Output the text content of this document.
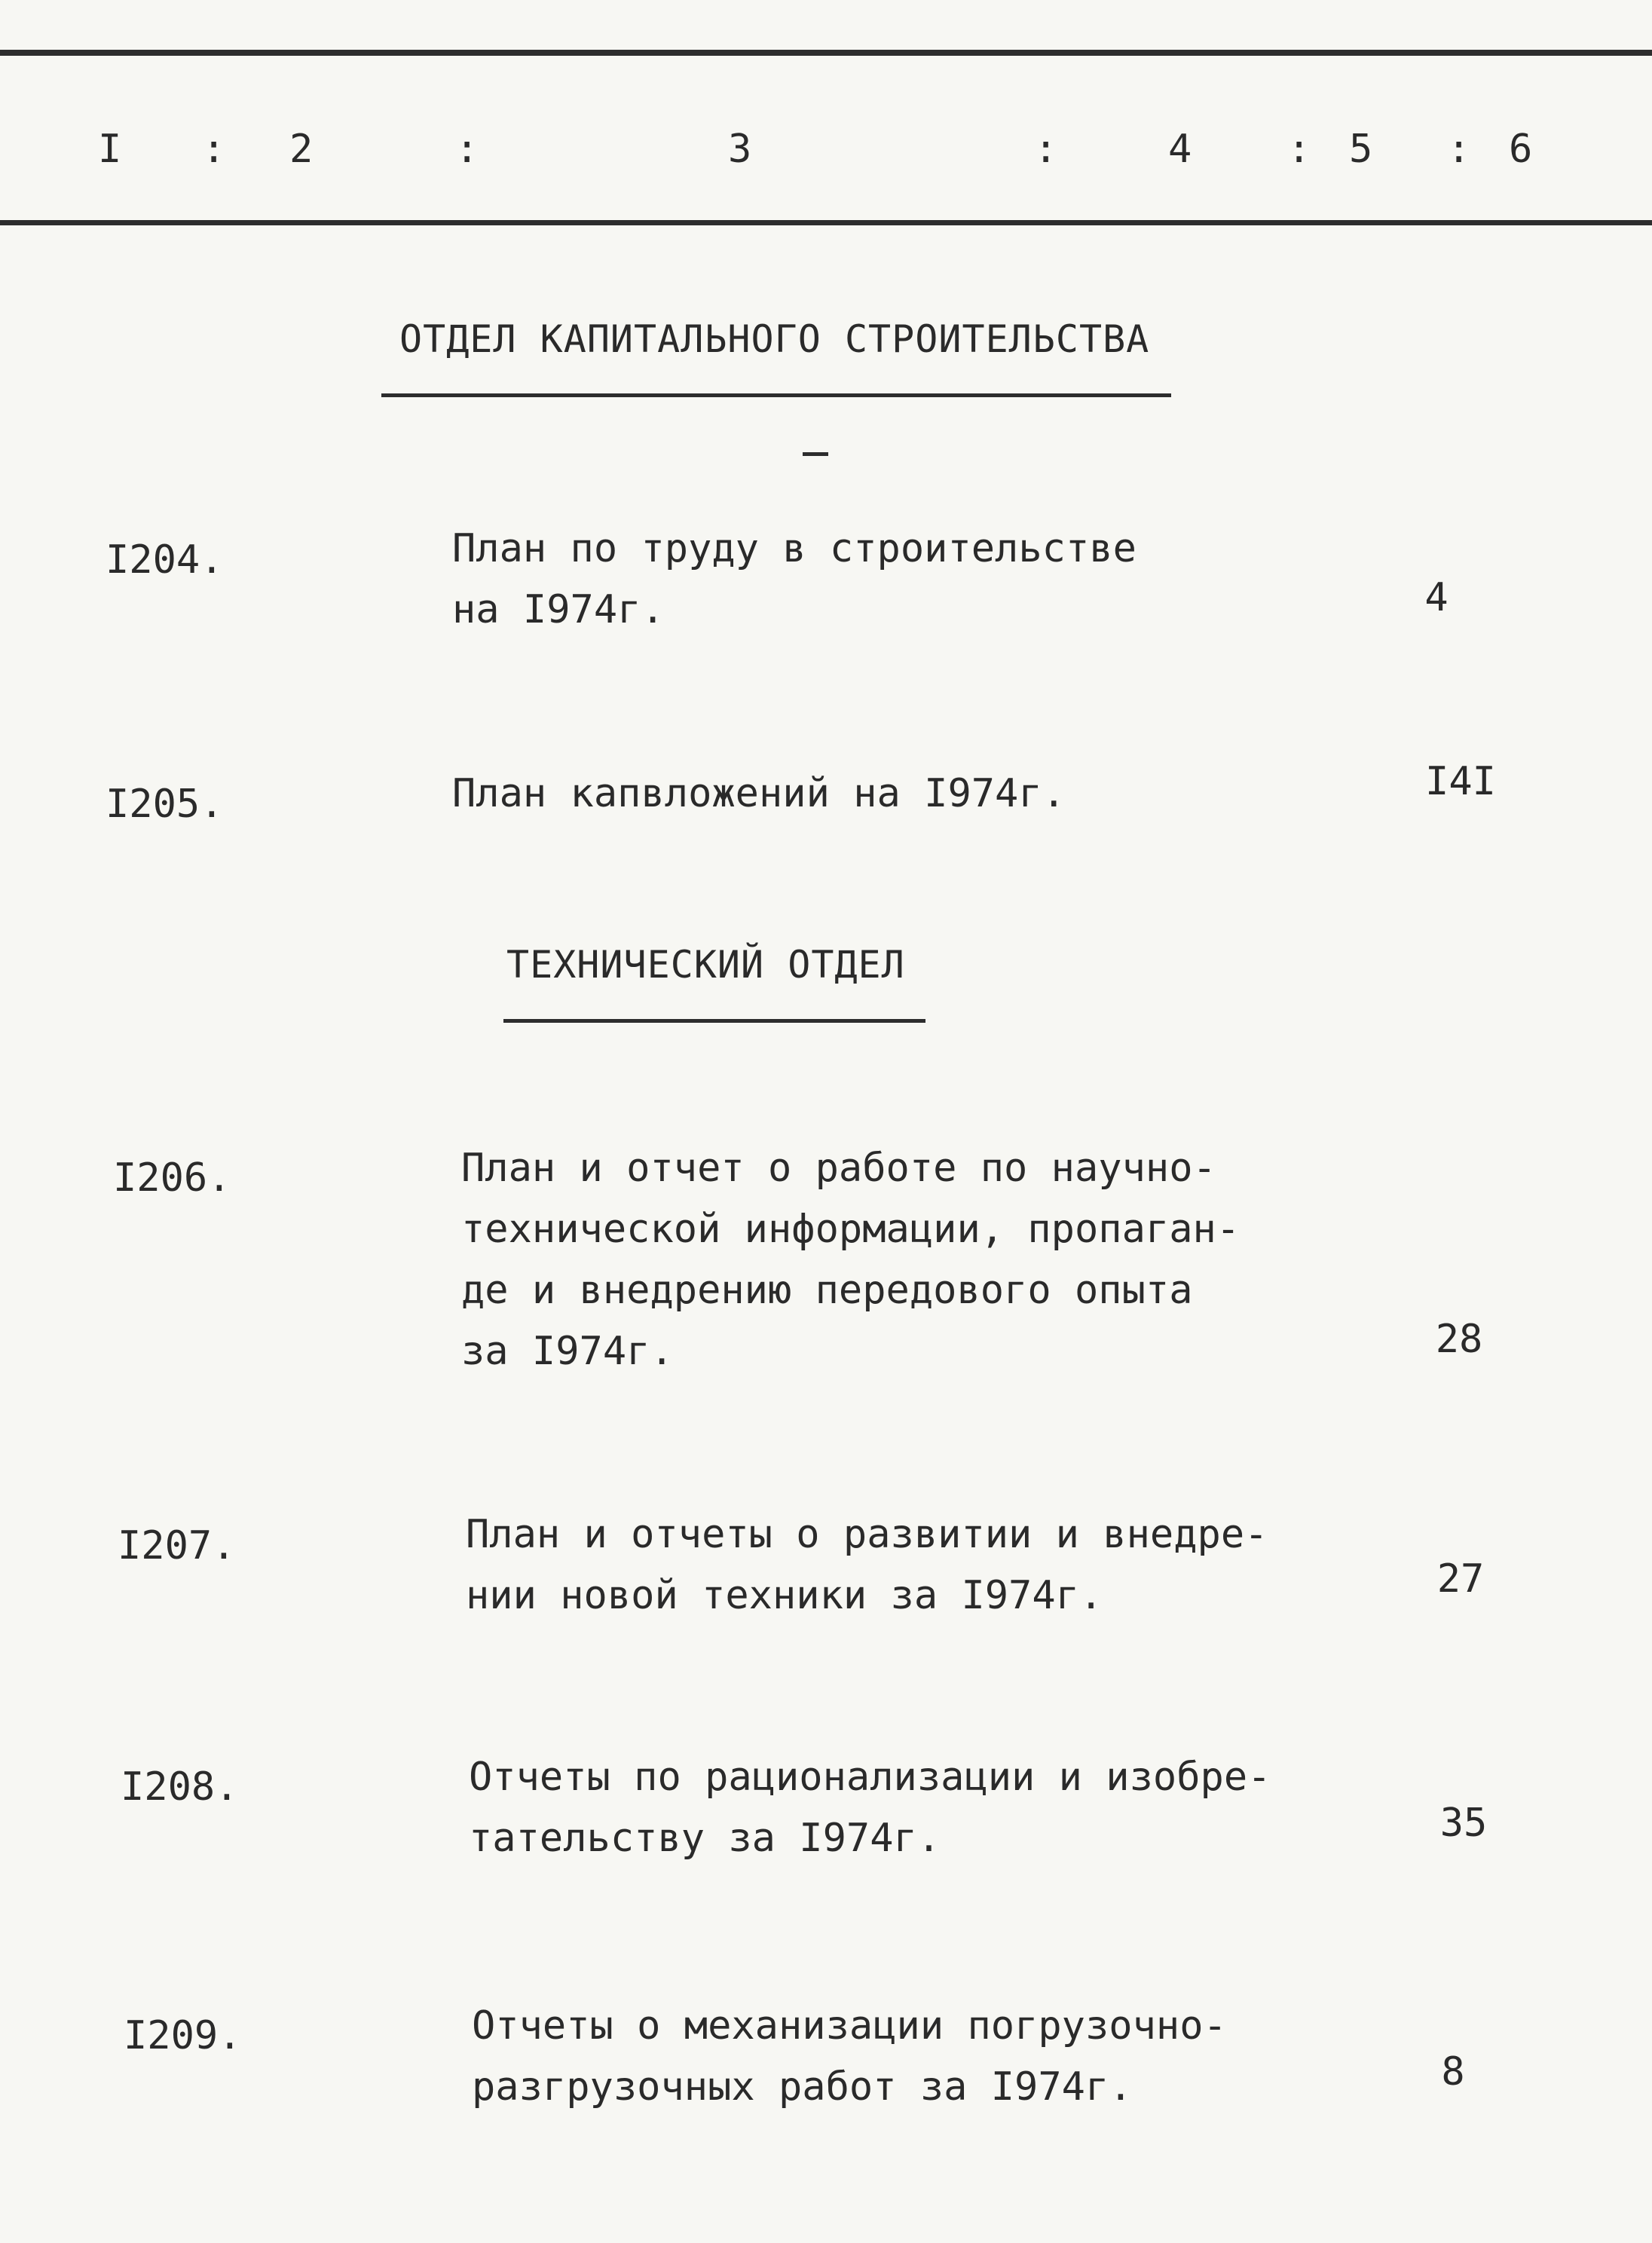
I : 2	:	3	:	4 : 5 : 6
ОТДЕЛ КАПИТАЛЬНОГО СТРОИТЕЛЬСТВА
I204.	План по труду в строительстве
на I974г.	4
I205.	План капвложений на I974г.	I4I
ТЕХНИЧЕСКИЙ ОТДЕЛ
I206.	План и отчет о работе по научно-
технической информации, пропаган-
де и внедрению передового опыта
за I974г.	28
I207.	План и отчеты о развитии и внедре-
нии новой техники за I974г.	27
I208.	Отчеты по рационализации и изобре-
тательству за I974г.	35
I209.	Отчеты о механизации погрузочно-
разгрузочных работ за I974г.	8
